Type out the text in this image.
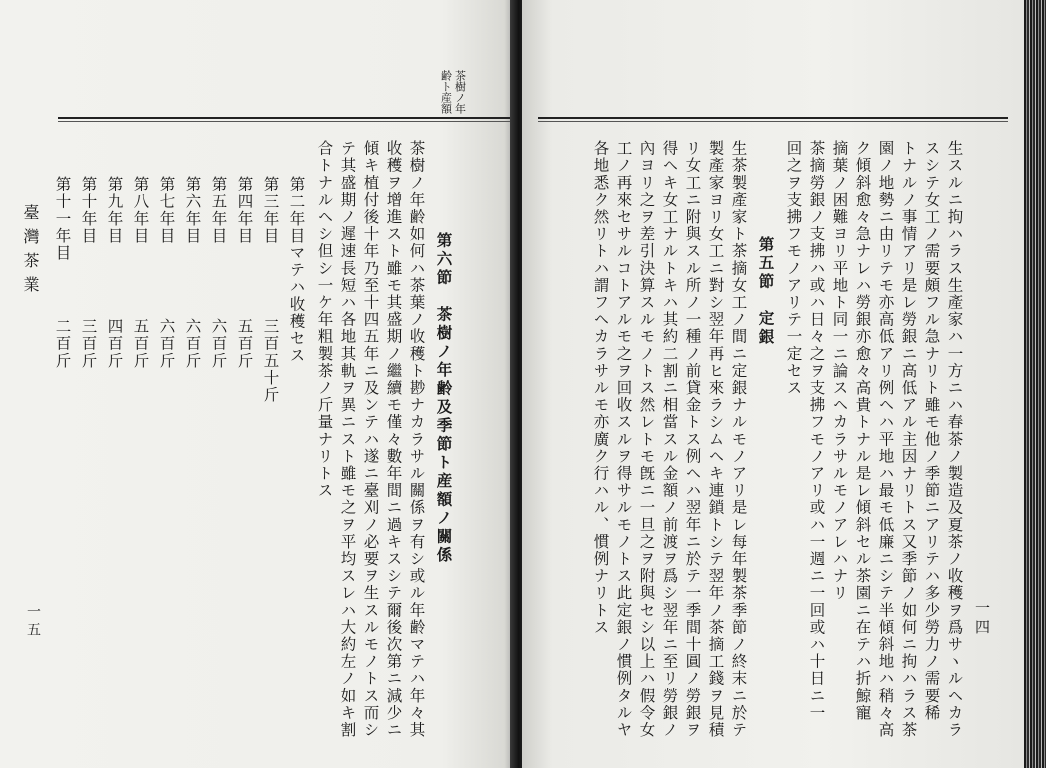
齢ト産額 茶樹ノ年
第六節　茶樹ノ年齢及季節ト産額ノ關係
茶樹ノ年齢如何ハ茶葉ノ收穫ト尠ナカラサル關係ヲ有シ或ル年齢マテハ年々其
收穫ヲ增進スト雖モ其盛期ノ繼續モ僅々數年間ニ過キスシテ爾後次第ニ減少ニ
傾キ植付後十年乃至十四五年ニ及ンテハ遂ニ臺刈ノ必要ヲ生スルモノトス而シ
テ其盛期ノ遲速長短ハ各地其軌ヲ異ニスト雖モ之ヲ平均スレハ大約左ノ如キ割
合トナルヘシ但シ一ケ年粗製茶ノ斤量ナリトス
第二年目マテハ收穫セス
第三年目
三百五十斤
第四年目
五百斤
第五年目
六百斤
第六年目
六百斤
第七年目
六百斤
第八年目
五百斤
第九年目
四百斤
第十年目
三百斤
第十一年目
二百斤
臺灣茶業
一五	一四
生スルニ拘ハラス生產家ハ一方ニハ春茶ノ製造及夏茶ノ收穫ヲ爲サヽルヘカラ
スシテ女工ノ需要頗フル急ナリト雖モ他ノ季節ニアリテハ多少勞力ノ需要稀
トナルノ事情アリ是レ勞銀ニ高低アル主因ナリトス又季節ノ如何ニ拘ハラス茶
園ノ地勢ニ由リテモ亦高低アリ例ヘハ平地ハ最モ低廉ニシテ半傾斜地ハ稍々高
ク傾斜愈々急ナレハ勞銀亦愈々高貴トナル是レ傾斜セル茶園ニ在テハ折鯨寵
摘葉ノ困難ヨリ平地ト同一ニ論スヘカラサルモノアレハナリ
茶摘勞銀ノ支拂ハ或ハ日々之ヲ支拂フモノアリ或ハ一週ニ一回或ハ十日ニ一
回之ヲ支拂フモノアリテ一定セス
第五節　定銀
生茶製產家ト茶摘女工ノ間ニ定銀ナルモノアリ是レ每年製茶季節ノ終末ニ於テ
製產家ヨリ女工ニ對シ翌年再ヒ來ラシムヘキ連鎖トシテ翌年ノ茶摘工錢ヲ見積
リ女工ニ附與スル所ノ一種ノ前貸金トス例ヘハ翌年ニ於テ一季間十圓ノ勞銀ヲ
得ヘキ女工ナルトキハ其約二割ニ相當スル金額ノ前渡ヲ爲シ翌年ニ至リ勞銀ノ
內ヨリ之ヲ差引決算スルモノトス然レトモ旣ニ一旦之ヲ附與セシ以上ハ假令女
工ノ再來セサルコトアルモ之ヲ回收スルヲ得サルモノトス此定銀ノ慣例タルヤ
各地悉ク然リトハ謂フヘカラサルモ亦廣ク行ハル、慣例ナリトス
